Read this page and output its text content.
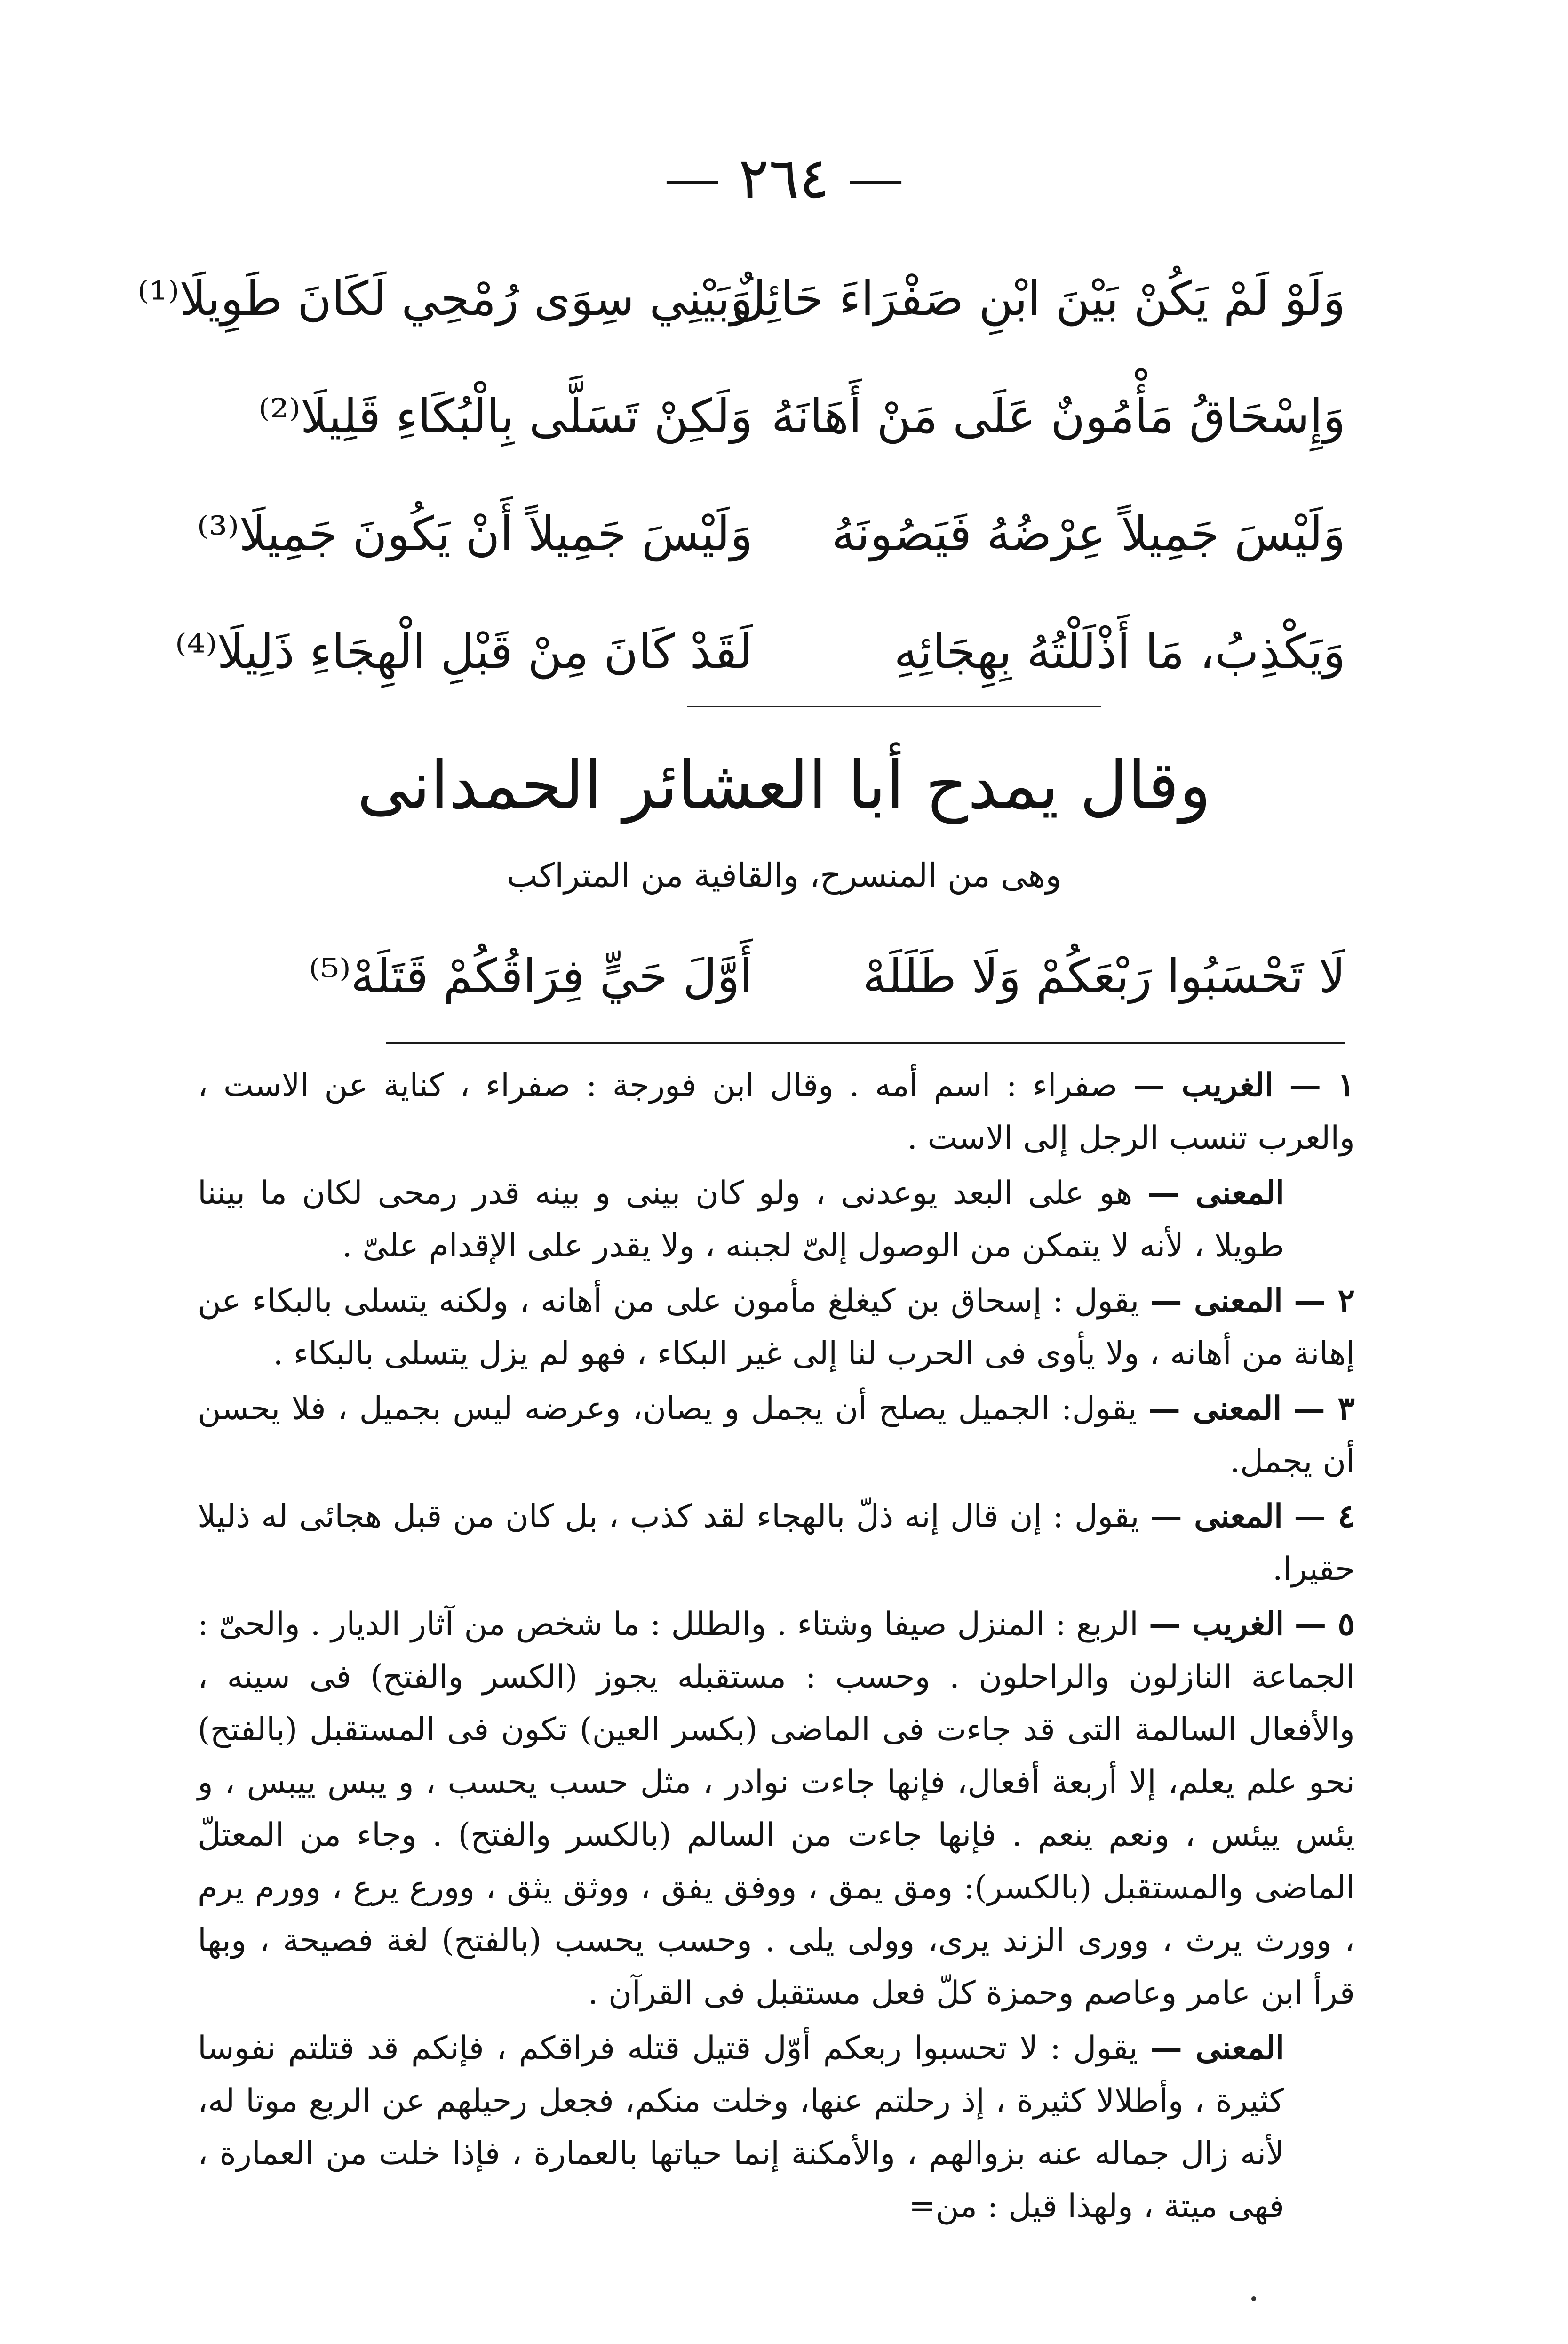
— ٢٦٤ —
وَلَوْ لَمْ يَكُنْ بَيْنَ ابْنِ صَفْرَاءَ حَائِلٌ
وَبَيْنِي سِوَى رُمْحِي لَكَانَ طَوِيلَا⁽¹⁾
وَإِسْحَاقُ مَأْمُونٌ عَلَى مَنْ أَهَانَهُ
وَلَكِنْ تَسَلَّى بِالْبُكَاءِ قَلِيلَا⁽²⁾
وَلَيْسَ جَمِيلاً عِرْضُهُ فَيَصُونَهُ
وَلَيْسَ جَمِيلاً أَنْ يَكُونَ جَمِيلَا⁽³⁾
وَيَكْذِبُ، مَا أَذْلَلْتُهُ بِهِجَائِهِ
لَقَدْ كَانَ مِنْ قَبْلِ الْهِجَاءِ ذَلِيلَا⁽⁴⁾
وقال يمدح أبا العشائر الحمدانى
وهى من المنسرح، والقافية من المتراكب
لَا تَحْسَبُوا رَبْعَكُمْ وَلَا طَلَلَهْ
أَوَّلَ حَيٍّ فِرَاقُكُمْ قَتَلَهْ⁽⁵⁾

١ — الغريب — صفراء : اسم أمه . وقال ابن فورجة : صفراء ، كناية عن الاست ، والعرب تنسب الرجل إلى الاست .

المعنى — هو على البعد يوعدنى ، ولو كان بينى و بينه قدر رمحى لكان ما بيننا طويلا ، لأنه لا يتمكن من الوصول إلىّ لجبنه ، ولا يقدر على الإقدام علىّ .

٢ — المعنى — يقول : إسحاق بن كيغلغ مأمون على من أهانه ، ولكنه يتسلى بالبكاء عن إهانة من أهانه ، ولا يأوى فى الحرب لنا إلى غير البكاء ، فهو لم يزل يتسلى بالبكاء .

٣ — المعنى — يقول: الجميل يصلح أن يجمل و يصان، وعرضه ليس بجميل ، فلا يحسن أن يجمل.

٤ — المعنى — يقول : إن قال إنه ذلّ بالهجاء لقد كذب ، بل كان من قبل هجائى له ذليلا حقيرا.

٥ — الغريب — الربع : المنزل صيفا وشتاء . والطلل : ما شخص من آثار الديار . والحىّ : الجماعة النازلون والراحلون . وحسب : مستقبله يجوز (الكسر والفتح) فى سينه ، والأفعال السالمة التى قد جاءت فى الماضى (بكسر العين) تكون فى المستقبل (بالفتح) نحو علم يعلم، إلا أربعة أفعال، فإنها جاءت نوادر ، مثل حسب يحسب ، و يبس ييبس ، و يئس ييئس ، ونعم ينعم . فإنها جاءت من السالم (بالكسر والفتح) . وجاء من المعتلّ الماضى والمستقبل (بالكسر): ومق يمق ، ووفق يفق ، ووثق يثق ، وورع يرع ، وورم يرم ، وورث يرث ، وورى الزند يرى، وولى يلى . وحسب يحسب (بالفتح) لغة فصيحة ، وبها قرأ ابن عامر وعاصم وحمزة كلّ فعل مستقبل فى القرآن .

المعنى — يقول : لا تحسبوا ربعكم أوّل قتيل قتله فراقكم ، فإنكم قد قتلتم نفوسا كثيرة ، وأطلالا كثيرة ، إذ رحلتم عنها، وخلت منكم، فجعل رحيلهم عن الربع موتا له، لأنه زال جماله عنه بزوالهم ، والأمكنة إنما حياتها بالعمارة ، فإذا خلت من العمارة ، فهى ميتة ، ولهذا قيل : من=
